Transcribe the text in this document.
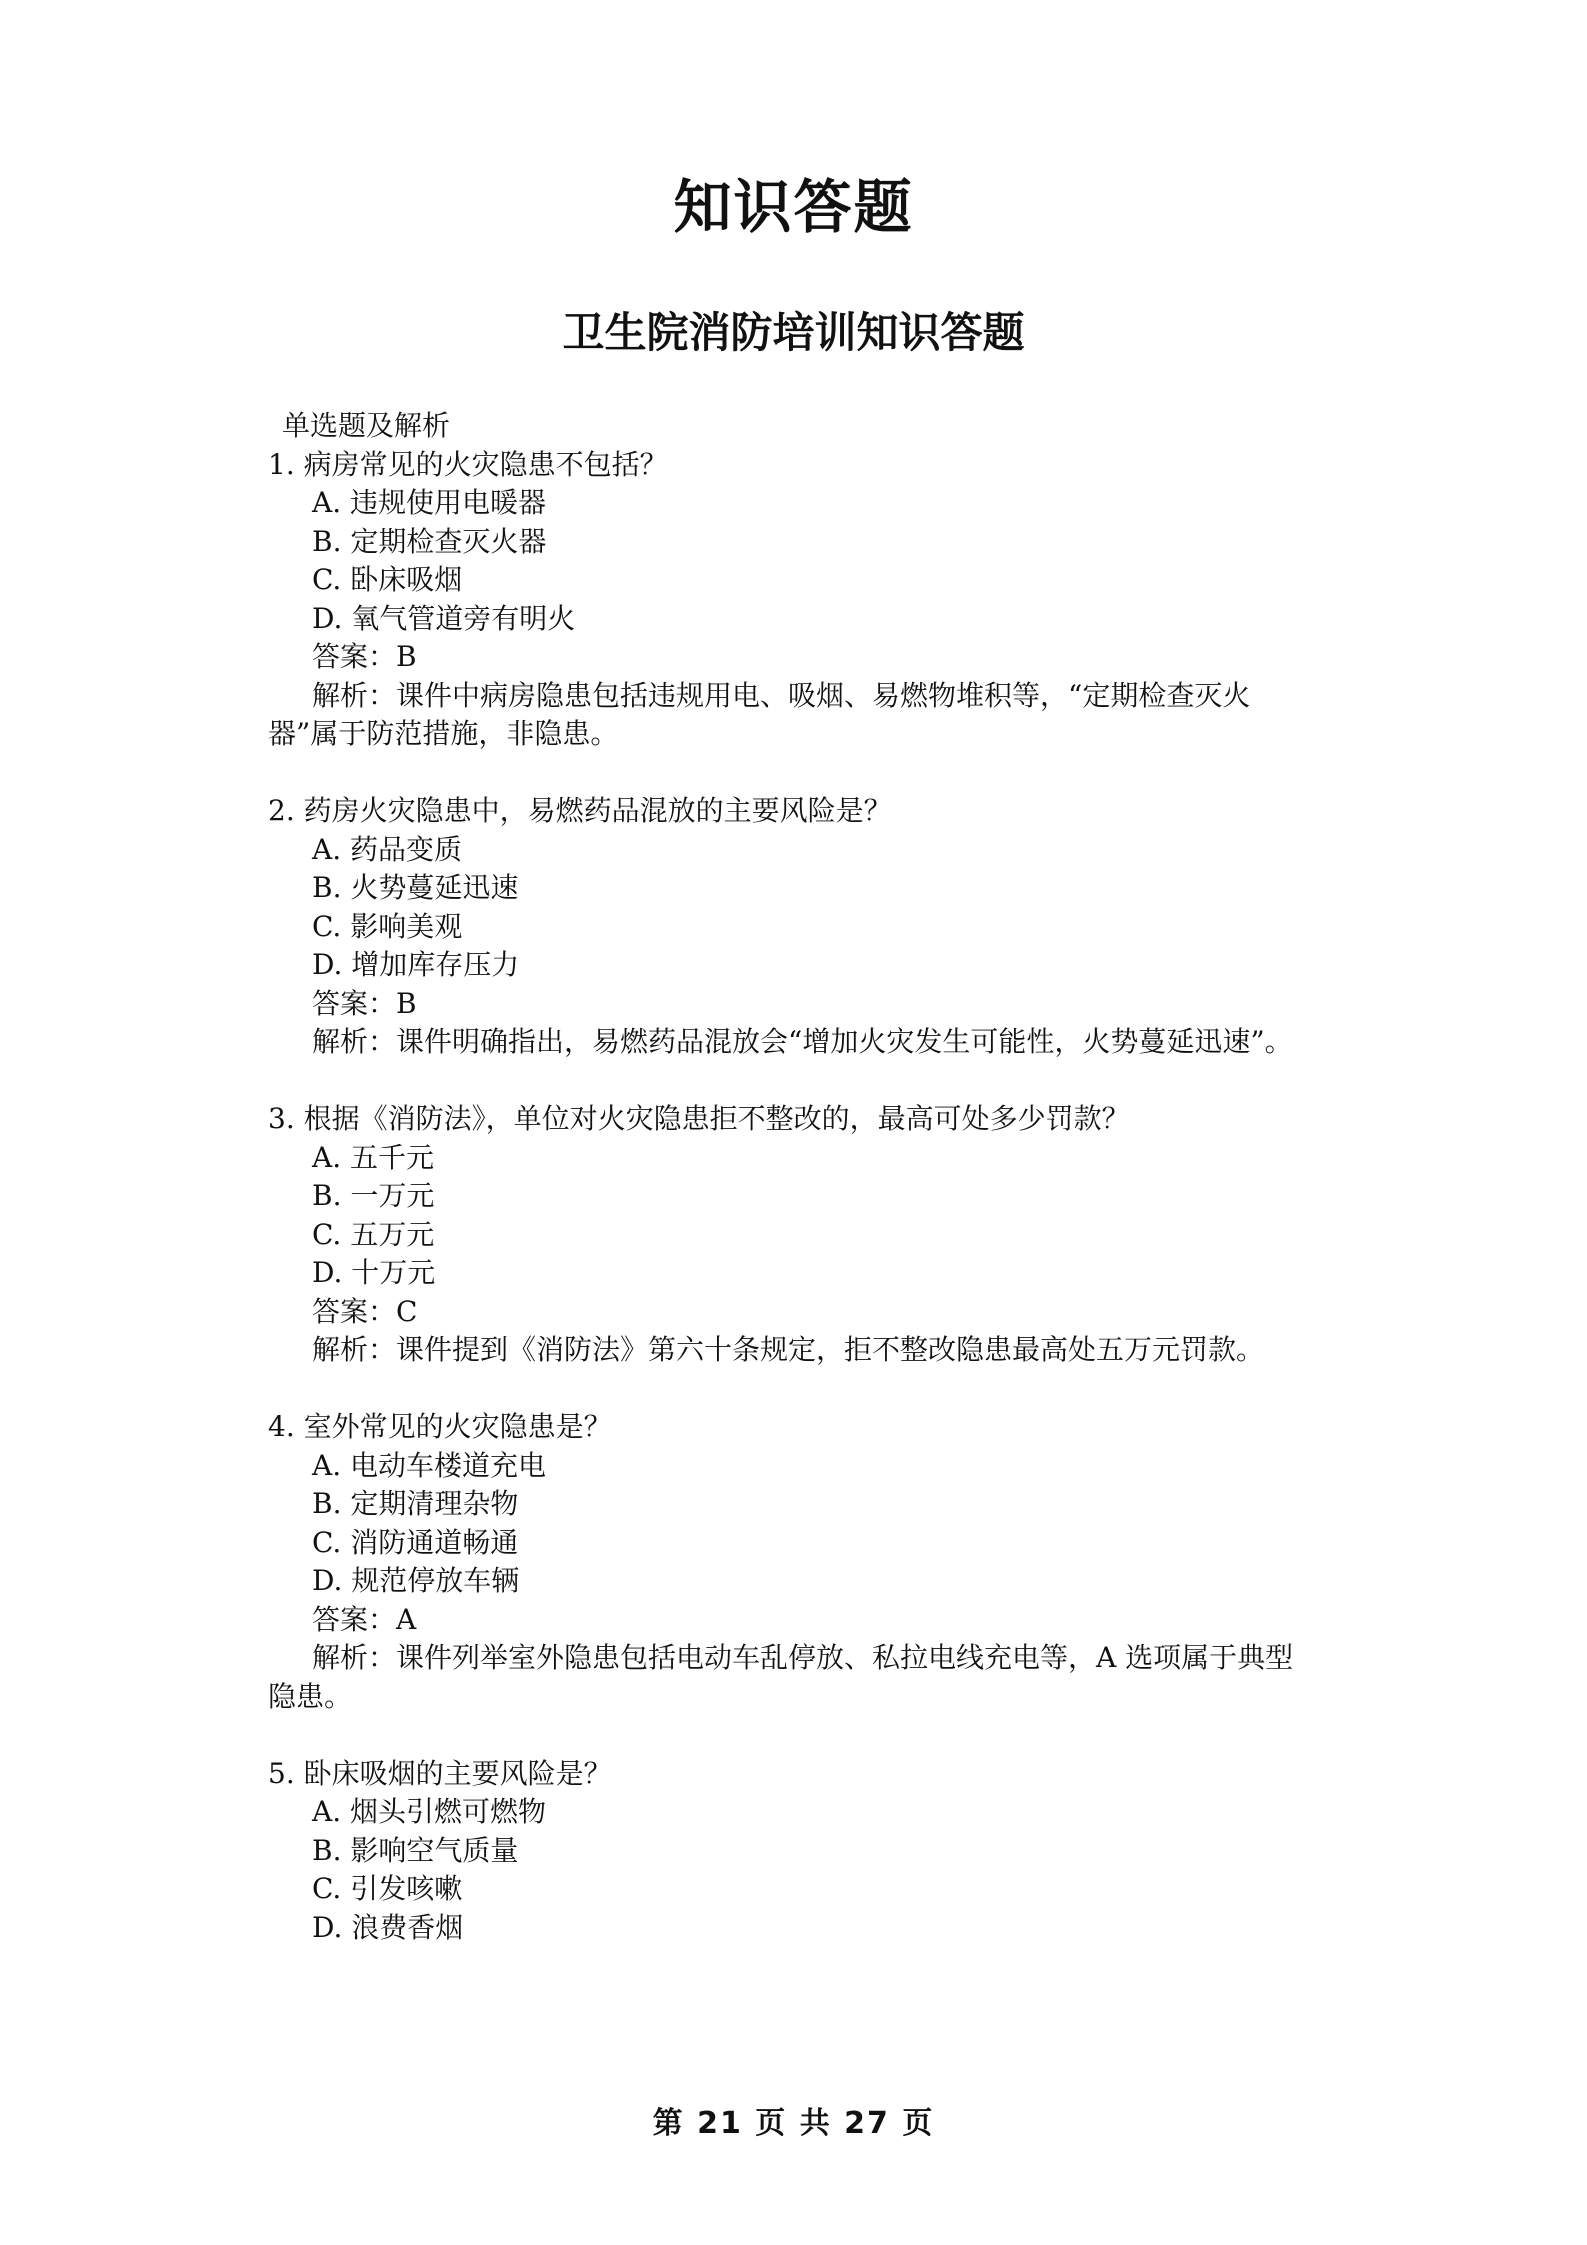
知识答题
卫生院消防培训知识答题
单选题及解析
1. 病房常见的火灾隐患不包括？
A. 违规使用电暖器
B. 定期检查灭火器
C. 卧床吸烟
D. 氧气管道旁有明火
答案：B
解析：课件中病房隐患包括违规用电、吸烟、易燃物堆积等，“定期检查灭火器”属于防范措施，非隐患。
2. 药房火灾隐患中，易燃药品混放的主要风险是？
A. 药品变质
B. 火势蔓延迅速
C. 影响美观
D. 增加库存压力
答案：B
解析：课件明确指出，易燃药品混放会“增加火灾发生可能性，火势蔓延迅速”。
3. 根据《消防法》，单位对火灾隐患拒不整改的，最高可处多少罚款？
A. 五千元
B. 一万元
C. 五万元
D. 十万元
答案：C
解析：课件提到《消防法》第六十条规定，拒不整改隐患最高处五万元罚款。
4. 室外常见的火灾隐患是？
A. 电动车楼道充电
B. 定期清理杂物
C. 消防通道畅通
D. 规范停放车辆
答案：A
解析：课件列举室外隐患包括电动车乱停放、私拉电线充电等，A 选项属于典型隐患。
5. 卧床吸烟的主要风险是？
A. 烟头引燃可燃物
B. 影响空气质量
C. 引发咳嗽
D. 浪费香烟
第 21 页 共 27 页
